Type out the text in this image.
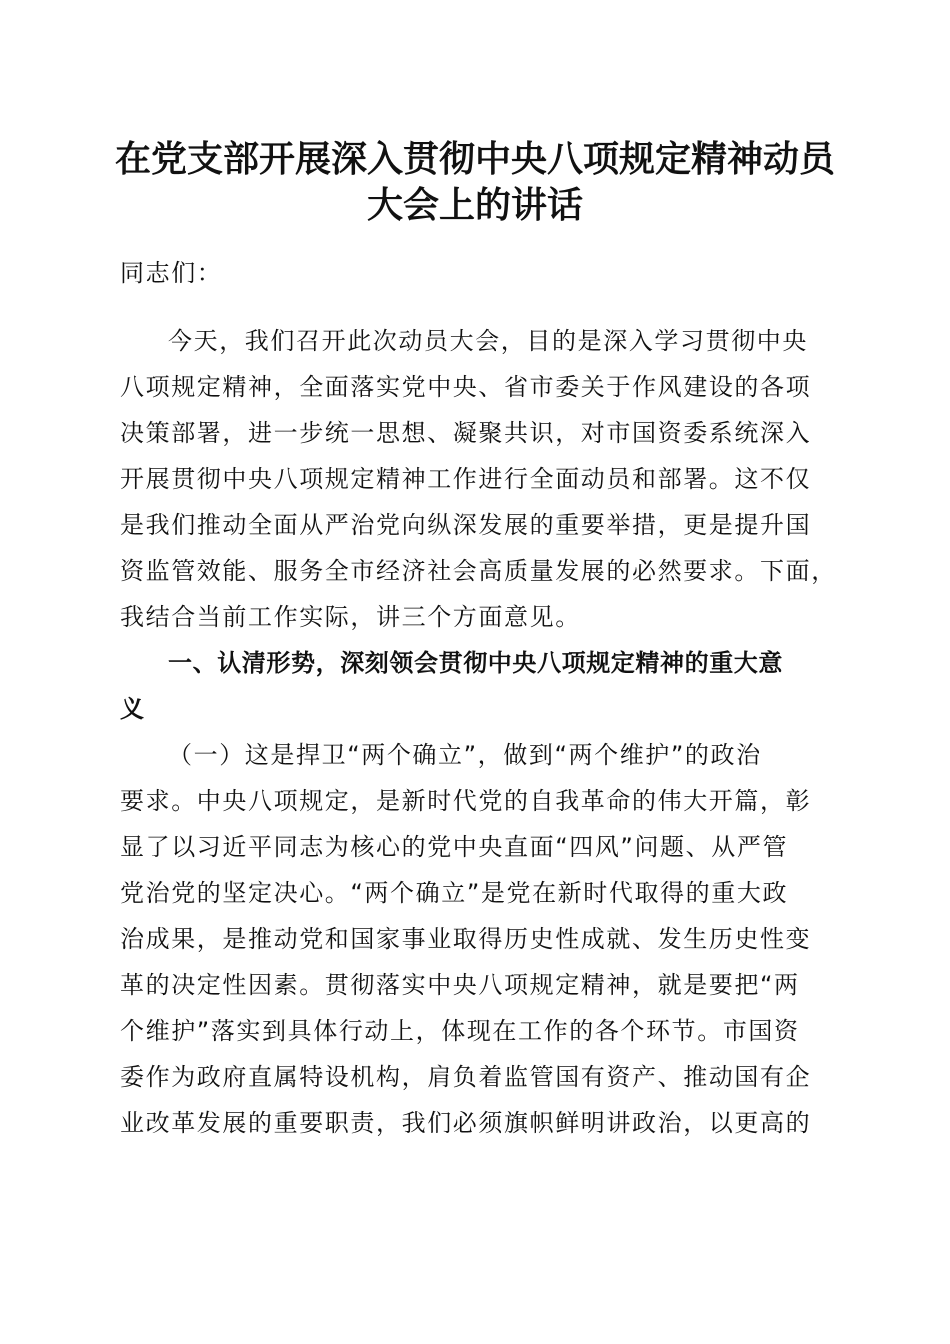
在党支部开展深入贯彻中央八项规定精神动员
大会上的讲话
同志们：
今天，我们召开此次动员大会，目的是深入学习贯彻中央
八项规定精神，全面落实党中央、省市委关于作风建设的各项
决策部署，进一步统一思想、凝聚共识，对市国资委系统深入
开展贯彻中央八项规定精神工作进行全面动员和部署。这不仅
是我们推动全面从严治党向纵深发展的重要举措，更是提升国
资监管效能、服务全市经济社会高质量发展的必然要求。下面，
我结合当前工作实际，讲三个方面意见。
一、认清形势，深刻领会贯彻中央八项规定精神的重大意
义
（一）这是捍卫“两个确立”，做到“两个维护”的政治
要求。中央八项规定，是新时代党的自我革命的伟大开篇，彰
显了以习近平同志为核心的党中央直面“四风”问题、从严管
党治党的坚定决心。“两个确立”是党在新时代取得的重大政
治成果，是推动党和国家事业取得历史性成就、发生历史性变
革的决定性因素。贯彻落实中央八项规定精神，就是要把“两
个维护”落实到具体行动上，体现在工作的各个环节。市国资
委作为政府直属特设机构，肩负着监管国有资产、推动国有企
业改革发展的重要职责，我们必须旗帜鲜明讲政治，以更高的
